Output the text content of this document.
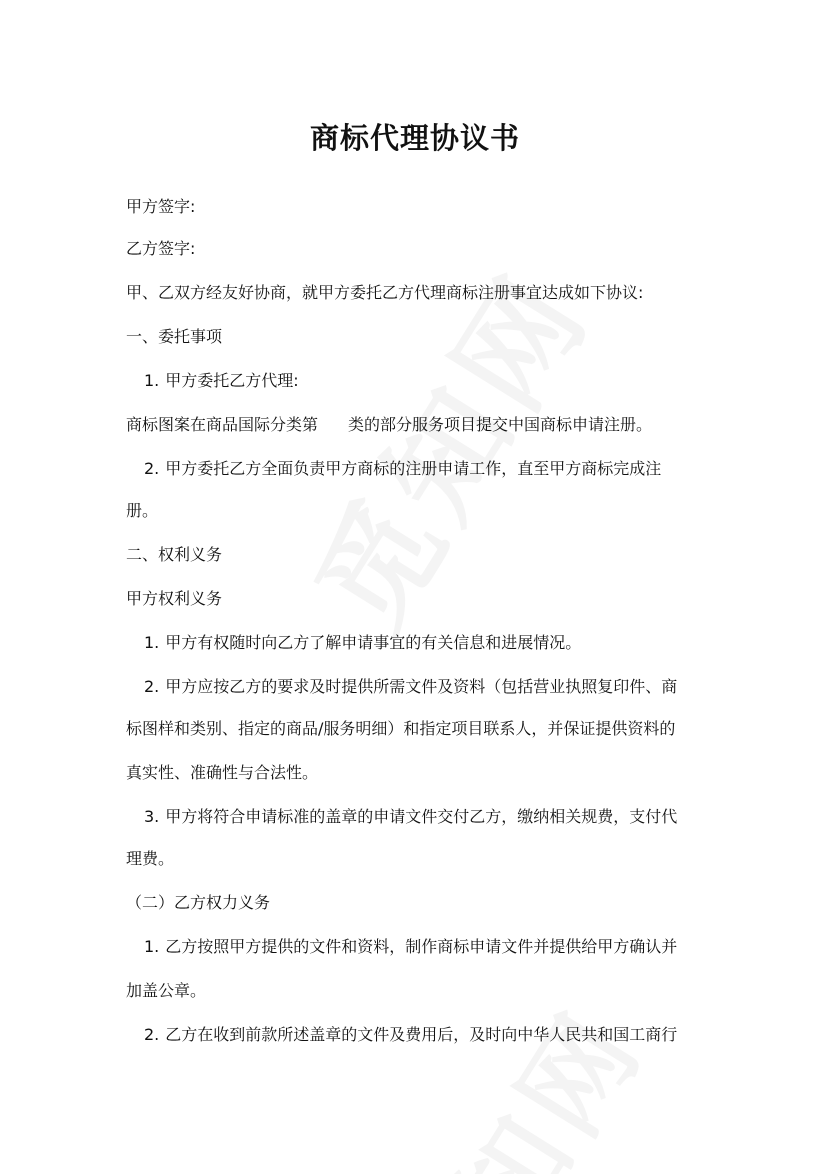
商标代理协议书
甲方签字:
乙方签字:
甲、乙双方经友好协商，就甲方委托乙方代理商标注册事宜达成如下协议:
一、委托事项
1. 甲方委托乙方代理:
商标图案在商品国际分类第 类的部分服务项目提交中国商标申请注册。
2. 甲方委托乙方全面负责甲方商标的注册申请工作，直至甲方商标完成注
册。
二、权利义务
甲方权利义务
1. 甲方有权随时向乙方了解申请事宜的有关信息和进展情况。
2. 甲方应按乙方的要求及时提供所需文件及资料（包括营业执照复印件、商
标图样和类别、指定的商品/服务明细）和指定项目联系人，并保证提供资料的
真实性、准确性与合法性。
3. 甲方将符合申请标准的盖章的申请文件交付乙方，缴纳相关规费，支付代
理费。
（二）乙方权力义务
1. 乙方按照甲方提供的文件和资料，制作商标申请文件并提供给甲方确认并
加盖公章。
2. 乙方在收到前款所述盖章的文件及费用后，及时向中华人民共和国工商行
